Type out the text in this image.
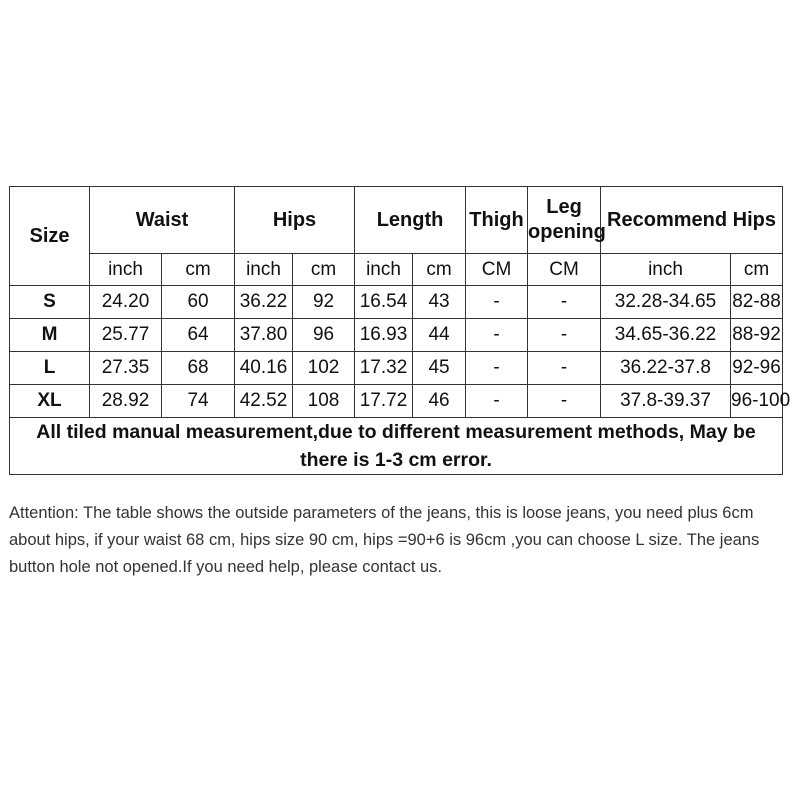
Size	Waist		Hips		Length		Thigh	Leg opening	Recommend Hips	
	inch	cm	inch	cm	inch	cm	CM	CM	inch	cm
S	24.20	60	36.22	92	16.54	43	-	-	32.28-34.65	82-88
M	25.77	64	37.80	96	16.93	44	-	-	34.65-36.22	88-92
L	27.35	68	40.16	102	17.32	45	-	-	36.22-37.8	92-96
XL	28.92	74	42.52	108	17.72	46	-	-	37.8-39.37	96-100
All tiled manual measurement,due to different measurement methods, May be there is 1-3 cm error.										

Attention: The table shows the outside parameters of the jeans, this is loose jeans, you need plus 6cm about hips, if your waist 68 cm, hips size 90 cm, hips =90+6 is 96cm ,you can choose L size. The jeans button hole not opened.If you need help, please contact us.
